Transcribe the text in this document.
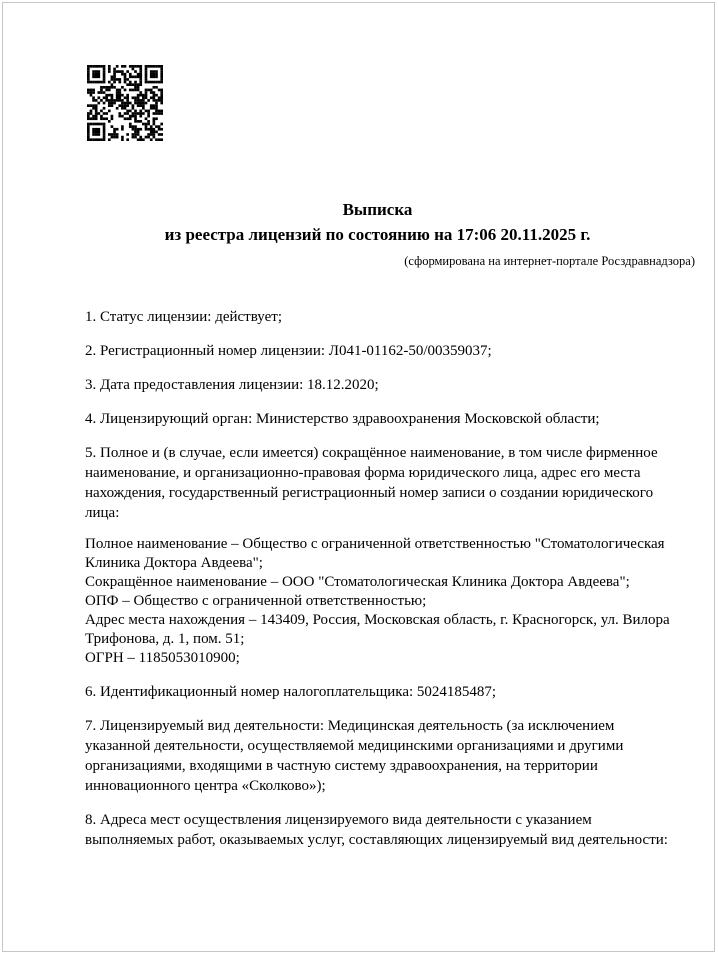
Выписка
из реестра лицензий по состоянию на 17:06 20.11.2025 г.
(сформирована на интернет-портале Росздравнадзора)

1. Статус лицензии: действует;

2. Регистрационный номер лицензии: Л041-01162-50/00359037;

3. Дата предоставления лицензии: 18.12.2020;

4. Лицензирующий орган: Министерство здравоохранения Московской области;

5. Полное и (в случае, если имеется) сокращённое наименование, в том числе фирменное наименование, и организационно-правовая форма юридического лица, адрес его места нахождения, государственный регистрационный номер записи о создании юридического лица:

Полное наименование – Общество с ограниченной ответственностью "Стоматологическая Клиника Доктора Авдеева";
Сокращённое наименование – ООО "Стоматологическая Клиника Доктора Авдеева";
ОПФ – Общество с ограниченной ответственностью;
Адрес места нахождения – 143409, Россия, Московская область, г. Красногорск, ул. Вилора Трифонова, д. 1, пом. 51;
ОГРН – 1185053010900;

6. Идентификационный номер налогоплательщика: 5024185487;

7. Лицензируемый вид деятельности: Медицинская деятельность (за исключением указанной деятельности, осуществляемой медицинскими организациями и другими организациями, входящими в частную систему здравоохранения, на территории инновационного центра «Сколково»);

8. Адреса мест осуществления лицензируемого вида деятельности с указанием выполняемых работ, оказываемых услуг, составляющих лицензируемый вид деятельности:
